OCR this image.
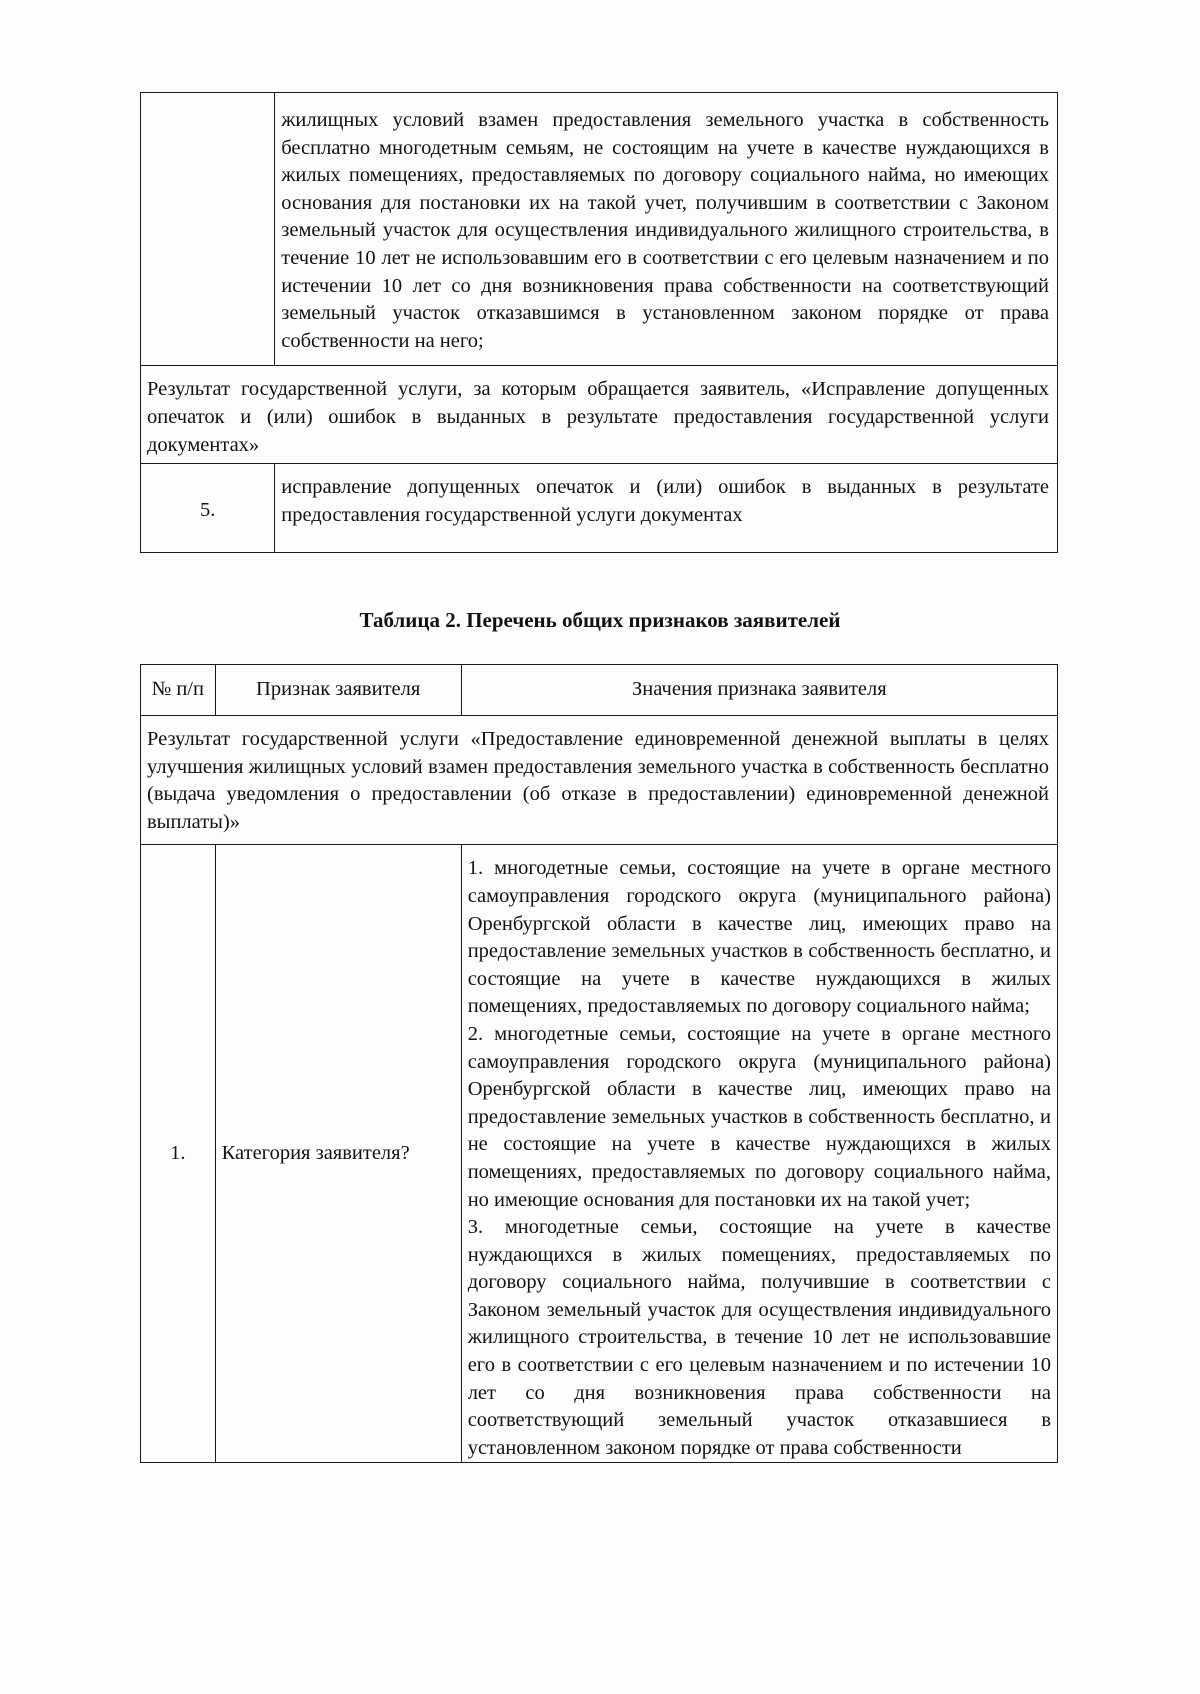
	жилищных условий взамен предоставления земельного участка в собственность бесплатно многодетным семьям, не состоящим на учете в качестве нуждающихся в жилых помещениях, предоставляемых по договору социального найма, но имеющих основания для постановки их на такой учет, получившим в соответствии с Законом земельный участок для осуществления индивидуального жилищного строительства, в течение 10 лет не использовавшим его в соответствии с его целевым назначением и по истечении 10 лет со дня возникновения права собственности на соответствующий земельный участок отказавшимся в установленном законом порядке от права собственности на него;
Результат государственной услуги, за которым обращается заявитель, «Исправление допущенных опечаток и (или) ошибок в выданных в результате предоставления государственной услуги документах»	
5.	исправление допущенных опечаток и (или) ошибок в выданных в результате предоставления государственной услуги документах
Таблица 2. Перечень общих признаков заявителей
№ п/п	Признак заявителя	Значения признака заявителя
Результат государственной услуги «Предоставление единовременной денежной выплаты в целях улучшения жилищных условий взамен предоставления земельного участка в собственность бесплатно (выдача уведомления о предоставлении (об отказе в предоставлении) единовременной денежной выплаты)»		
1.	Категория заявителя?	1. многодетные семьи, состоящие на учете в органе местного самоуправления городского округа (муниципального района) Оренбургской области в качестве лиц, имеющих право на предоставление земельных участков в собственность бесплатно, и состоящие на учете в качестве нуждающихся в жилых помещениях, предоставляемых по договору социального найма;

2. многодетные семьи, состоящие на учете в органе местного самоуправления городского округа (муниципального района) Оренбургской области в качестве лиц, имеющих право на предоставление земельных участков в собственность бесплатно, и не состоящие на учете в качестве нуждающихся в жилых помещениях, предоставляемых по договору социального найма, но имеющие основания для постановки их на такой учет;

3. многодетные семьи, состоящие на учете в качестве нуждающихся в жилых помещениях, предоставляемых по договору социального найма, получившие в соответствии с Законом земельный участок для осуществления индивидуального жилищного строительства, в течение 10 лет не использовавшие его в соответствии с его целевым назначением и по истечении 10 лет со дня возникновения права собственности на соответствующий земельный участок отказавшиеся в установленном законом порядке от права собственности
